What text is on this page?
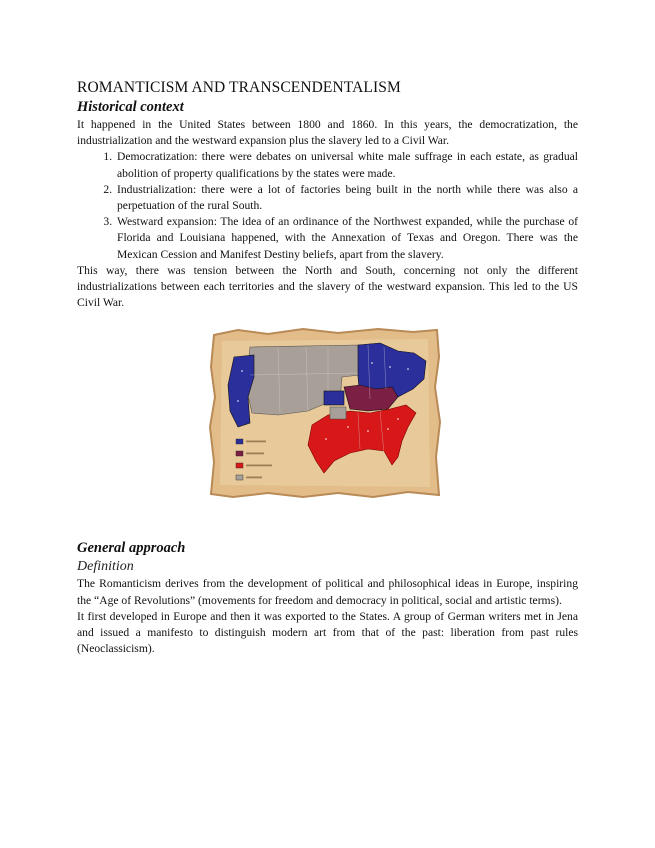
ROMANTICISM AND TRANSCENDENTALISM
Historical context

It happened in the United States between 1800 and 1860. In this years, the democratization, the industrialization and the westward expansion plus the slavery led to a Civil War.

1. Democratization: there were debates on universal white male suffrage in each estate, as gradual abolition of property qualifications by the states were made.
2. Industrialization: there were a lot of factories being built in the north while there was also a perpetuation of the rural South.
3. Westward expansion: The idea of an ordinance of the Northwest expanded, while the purchase of Florida and Louisiana happened, with the Annexation of Texas and Oregon. There was the Mexican Cession and Manifest Destiny beliefs, apart from the slavery.

This way, there was tension between the North and South, concerning not only the different industrializations between each territories and the slavery of the westward expansion. This led to the US Civil War.

General approach
Definition

The Romanticism derives from the development of political and philosophical ideas in Europe, inspiring the “Age of Revolutions” (movements for freedom and democracy in political, social and artistic terms).

It first developed in Europe and then it was exported to the States. A group of German writers met in Jena and issued a manifesto to distinguish modern art from that of the past: liberation from past rules (Neoclassicism).
